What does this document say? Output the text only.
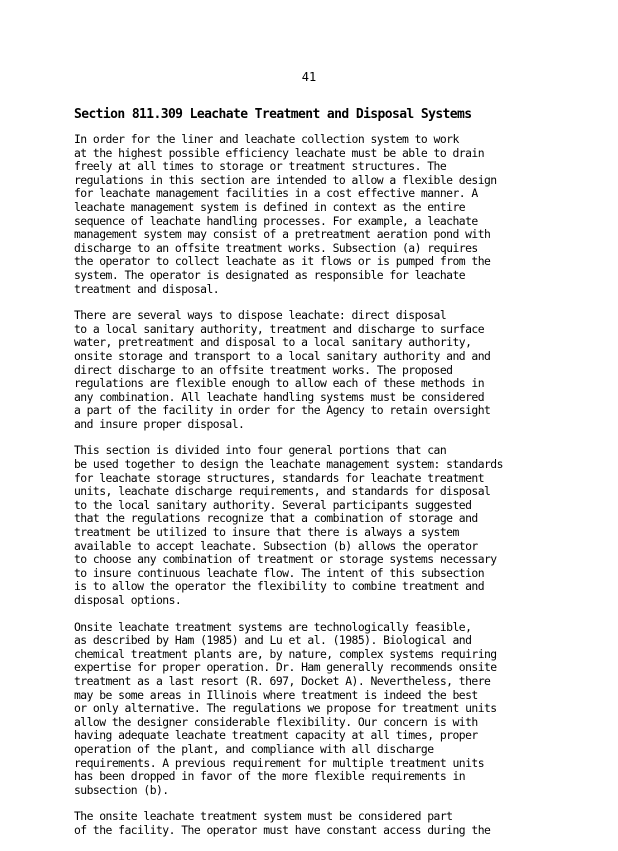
41
Section 811.309 Leachate Treatment and Disposal Systems

In order for the liner and leachate collection system to work
at the highest possible efficiency leachate must be able to drain
freely at all times to storage or treatment structures. The
regulations in this section are intended to allow a flexible design
for leachate management facilities in a cost effective manner. A
leachate management system is defined in context as the entire
sequence of leachate handling processes. For example, a leachate
management system may consist of a pretreatment aeration pond with
discharge to an offsite treatment works. Subsection (a) requires
the operator to collect leachate as it flows or is pumped from the
system. The operator is designated as responsible for leachate
treatment and disposal.

There are several ways to dispose leachate: direct disposal
to a local sanitary authority, treatment and discharge to surface
water, pretreatment and disposal to a local sanitary authority,
onsite storage and transport to a local sanitary authority and and
direct discharge to an offsite treatment works. The proposed
regulations are flexible enough to allow each of these methods in
any combination. All leachate handling systems must be considered
a part of the facility in order for the Agency to retain oversight
and insure proper disposal.

This section is divided into four general portions that can
be used together to design the leachate management system: standards
for leachate storage structures, standards for leachate treatment
units, leachate discharge requirements, and standards for disposal
to the local sanitary authority. Several participants suggested
that the regulations recognize that a combination of storage and
treatment be utilized to insure that there is always a system
available to accept leachate. Subsection (b) allows the operator
to choose any combination of treatment or storage systems necessary
to insure continuous leachate flow. The intent of this subsection
is to allow the operator the flexibility to combine treatment and
disposal options.

Onsite leachate treatment systems are technologically feasible,
as described by Ham (1985) and Lu et al. (1985). Biological and
chemical treatment plants are, by nature, complex systems requiring
expertise for proper operation. Dr. Ham generally recommends onsite
treatment as a last resort (R. 697, Docket A). Nevertheless, there
may be some areas in Illinois where treatment is indeed the best
or only alternative. The regulations we propose for treatment units
allow the designer considerable flexibility. Our concern is with
having adequate leachate treatment capacity at all times, proper
operation of the plant, and compliance with all discharge
requirements. A previous requirement for multiple treatment units
has been dropped in favor of the more flexible requirements in
subsection (b).

The onsite leachate treatment system must be considered part
of the facility. The operator must have constant access during the
